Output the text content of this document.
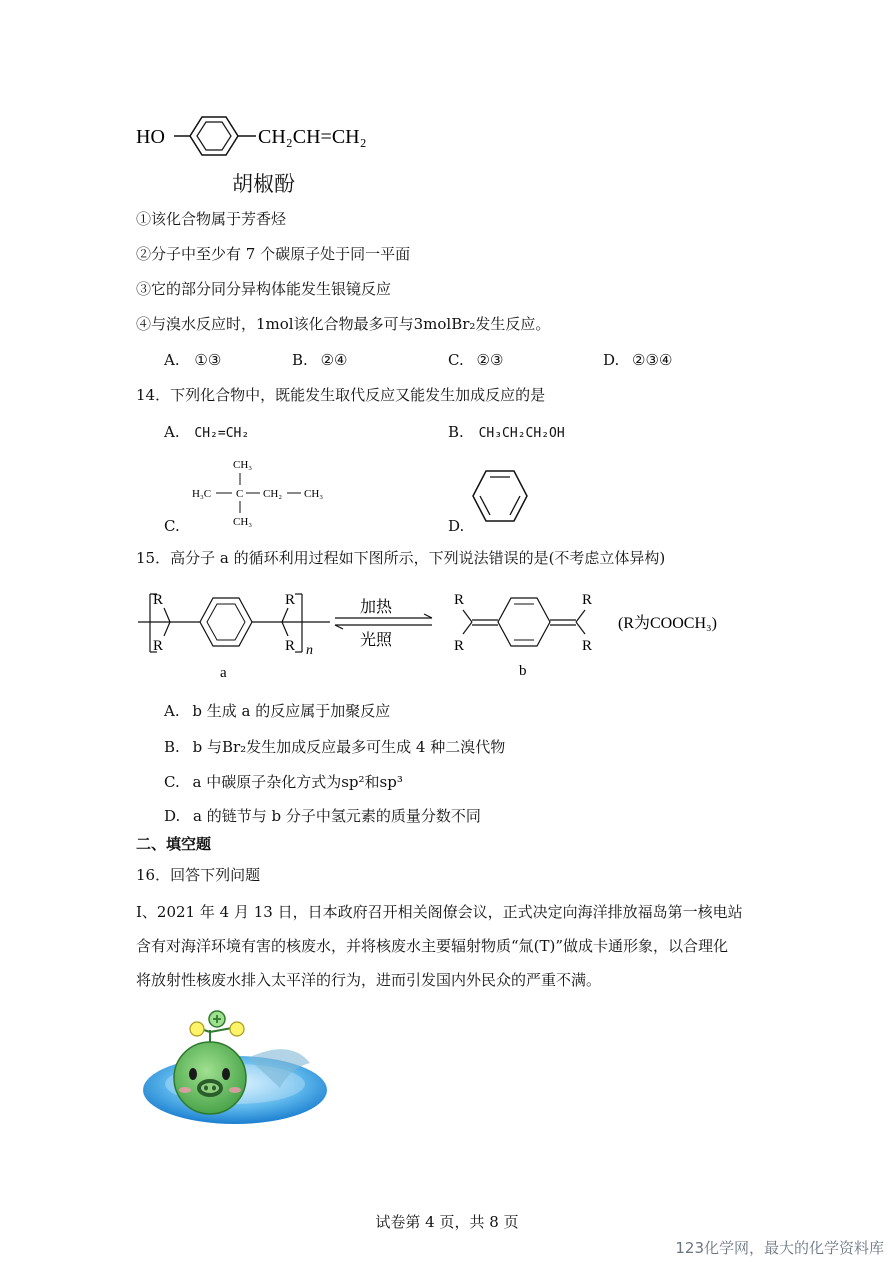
HO	CH₂CH=CH₂
胡椒酚
①该化合物属于芳香烃
②分子中至少有 7 个碳原子处于同一平面
③它的部分同分异构体能发生银镜反应
④与溴水反应时，1mol该化合物最多可与3molBr₂发生反应。
A. ①③	B. ②④	C. ②③	D. ②③④
14．下列化合物中，既能发生取代反应又能发生加成反应的是
A. CH₂=CH₂	B. CH₃CH₂CH₂OH
C.
CH₃
H₃C C CH₂ CH₃
CH₃	D.
15．高分子 a 的循环利用过程如下图所示，下列说法错误的是(不考虑立体异构)
R
R
R
R n
a
加热
光照
R
R
R
R
b
(R为COOCH₃)
A. b 生成 a 的反应属于加聚反应
B. b 与Br₂发生加成反应最多可生成 4 种二溴代物
C. a 中碳原子杂化方式为sp²和sp³
D. a 的链节与 b 分子中氢元素的质量分数不同
二、填空题
16．回答下列问题
I、2021 年 4 月 13 日，日本政府召开相关阁僚会议，正式决定向海洋排放福岛第一核电站
含有对海洋环境有害的核废水，并将核废水主要辐射物质“氚(T)”做成卡通形象，以合理化
将放射性核废水排入太平洋的行为，进而引发国内外民众的严重不满。
试卷第 4 页，共 8 页
123化学网，最大的化学资料库
